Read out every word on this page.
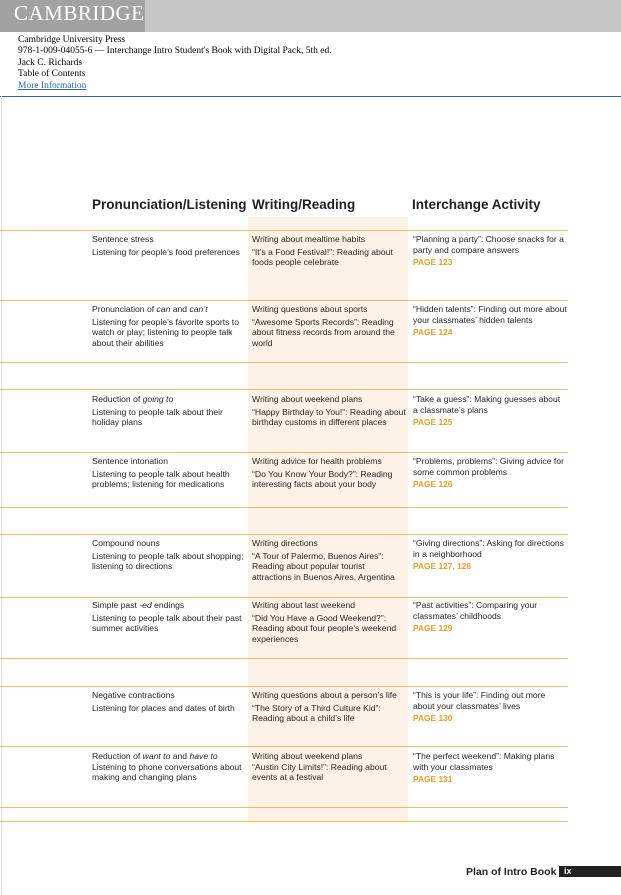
CAMBRIDGE
Cambridge University Press
978-1-009-04055-6 — Interchange Intro Student's Book with Digital Pack, 5th ed.
Jack C. Richards
Table of Contents
More Information
Pronunciation/Listening Writing/Reading	Interchange Activity

Sentence stress

Listening for people’s food preferences

Writing about mealtime habits

“It’s a Food Festival!”: Reading about foods people celebrate

“Planning a party”: Choose snacks for a party and compare answers

PAGE 123

Pronunciation of can and can’t

Listening for people’s favorite sports to watch or play; listening to people talk about their abilities

Writing questions about sports

“Awesome Sports Records”: Reading about fitness records from around the world

“Hidden talents”: Finding out more about your classmates’ hidden talents

PAGE 124

Reduction of going to

Listening to people talk about their holiday plans

Writing about weekend plans

“Happy Birthday to You!”: Reading about birthday customs in different places

“Take a guess”: Making guesses about a classmate’s plans

PAGE 125

Sentence intonation

Listening to people talk about health problems; listening for medications

Writing advice for health problems

“Do You Know Your Body?”: Reading interesting facts about your body

“Problems, problems”: Giving advice for some common problems

PAGE 126

Compound nouns

Listening to people talk about shopping; listening to directions

Writing directions

“A Tour of Palermo, Buenos Aires”: Reading about popular tourist attractions in Buenos Aires, Argentina

“Giving directions”: Asking for directions in a neighborhood

PAGE 127, 128

Simple past -ed endings

Listening to people talk about their past summer activities

Writing about last weekend

“Did You Have a Good Weekend?”: Reading about four people’s weekend experiences

“Past activities”: Comparing your classmates’ childhoods

PAGE 129

Negative contractions

Listening for places and dates of birth

Writing questions about a person’s life

“The Story of a Third Culture Kid”: Reading about a child’s life

“This is your life”: Finding out more about your classmates’ lives

PAGE 130

Reduction of want to and have to

Listening to phone conversations about making and changing plans

Writing about weekend plans

“Austin City Limits!”: Reading about events at a festival

“The perfect weekend”: Making plans with your classmates

PAGE 131

Plan of Intro Book ix
